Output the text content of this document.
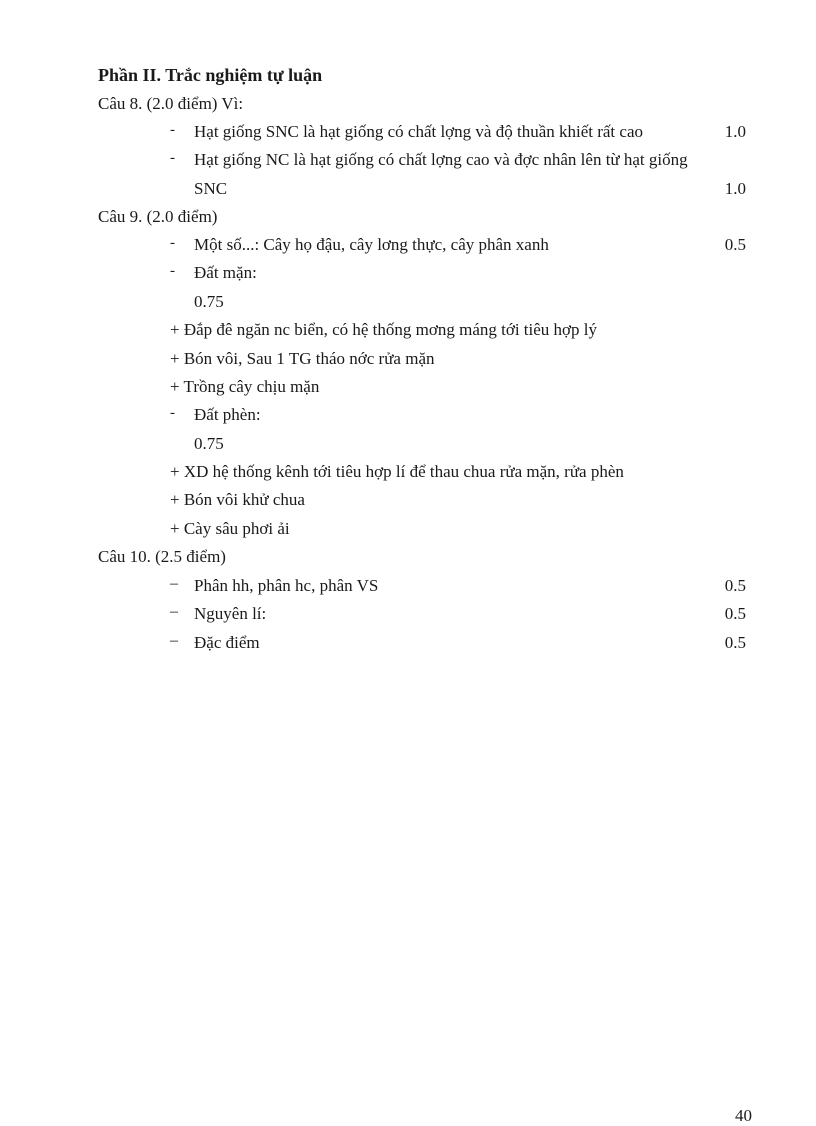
Phần II. Trắc nghiệm tự luận
Câu 8. (2.0 điểm) Vì:
- Hạt giống SNC là hạt giống có chất lợng và độ thuần khiết rất cao	1.0
- Hạt giống NC là hạt giống có chất lợng cao và đợc nhân lên từ hạt giống
SNC	1.0
Câu 9. (2.0 điểm)
- Một số...: Cây họ đậu, cây lơng thực, cây phân xanh	0.5
- Đất mặn:
0.75
+ Đắp đê ngăn nc biển, có hệ thống mơng máng tới tiêu hợp lý
+ Bón vôi, Sau 1 TG tháo nớc rửa mặn
+ Trồng cây chịu mặn
- Đất phèn:
0.75
+ XD hệ thống kênh tới tiêu hợp lí để thau chua rửa mặn, rửa phèn
+ Bón vôi khử chua
+ Cày sâu phơi ải
Câu 10. (2.5 điểm)
– Phân hh, phân hc, phân VS	0.5
– Nguyên lí:	0.5
– Đặc điểm	0.5
40
